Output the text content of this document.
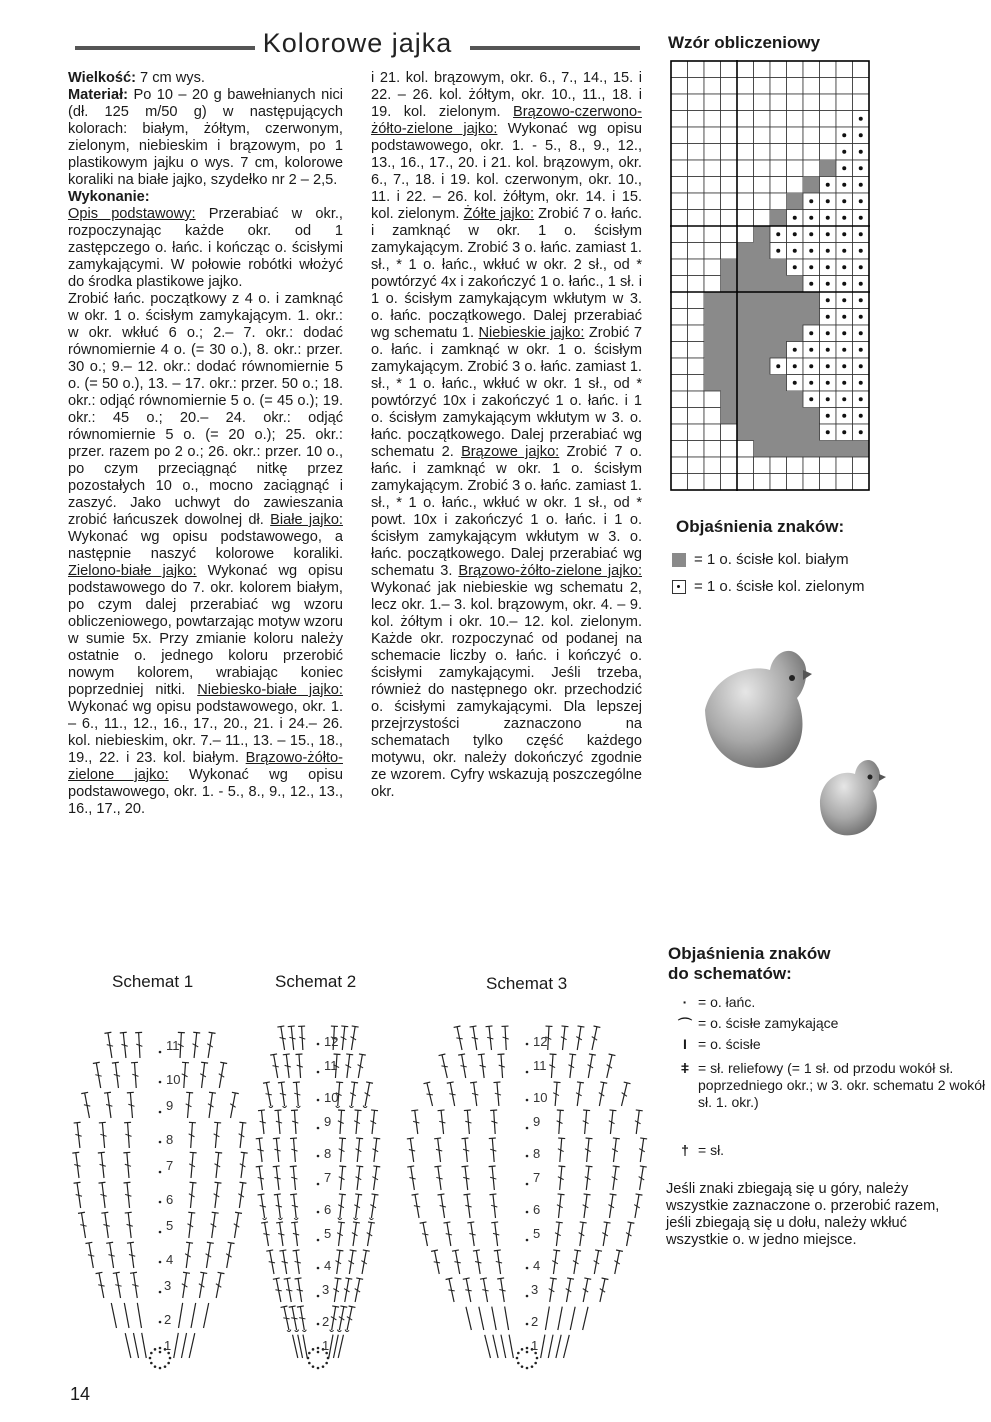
Kolorowe jajka

Wielkość: 7 cm wys.

Materiał: Po 10 – 20 g bawełnianych nici (dł. 125 m/50 g) w następujących kolorach: białym, żółtym, czerwonym, zielonym, niebieskim i brązowym, po 1 plastikowym jajku o wys. 7 cm, kolorowe koraliki na białe jajko, szydełko nr 2 – 2,5.

Wykonanie:

Opis podstawowy: Przerabiać w okr., rozpoczynając każde okr. od 1 zastępczego o. łańc. i kończąc o. ścisłymi zamykającymi. W połowie robótki włożyć do środka plastikowe jajko.

Zrobić łańc. początkowy z 4 o. i zamknąć w okr. 1 o. ścisłym zamykającym. 1. okr.: w okr. wkłuć 6 o.; 2.– 7. okr.: dodać równomiernie 4 o. (= 30 o.), 8. okr.: przer. 30 o.; 9.– 12. okr.: dodać równomiernie 5 o. (= 50 o.), 13. – 17. okr.: przer. 50 o.; 18. okr.: odjąć równomiernie 5 o. (= 45 o.); 19. okr.: 45 o.; 20.– 24. okr.: odjąć równomiernie 5 o. (= 20 o.); 25. okr.: przer. razem po 2 o.; 26. okr.: przer. 10 o., po czym przeciągnąć nitkę przez pozostałych 10 o., mocno zaciągnąć i zaszyć. Jako uchwyt do zawieszania zrobić łańcuszek dowolnej dł. Białe jajko: Wykonać wg opisu podstawowego, a następnie naszyć kolorowe koraliki. Zielono-białe jajko: Wykonać wg opisu podstawowego do 7. okr. kolorem białym, po czym dalej przerabiać wg wzoru obliczeniowego, powtarzając motyw wzoru w sumie 5x. Przy zmianie koloru należy ostatnie o. jednego koloru przerobić nowym kolorem, wrabiając koniec poprzedniej nitki. Niebiesko-białe jajko: Wykonać wg opisu podstawowego, okr. 1. – 6., 11., 12., 16., 17., 20., 21. i 24.– 26. kol. niebieskim, okr. 7.– 11., 13. – 15., 18., 19., 22. i 23. kol. białym. Brązowo-żółto-zielone jajko: Wykonać wg opisu podstawowego, okr. 1. - 5., 8., 9., 12., 13., 16., 17., 20.

i 21. kol. brązowym, okr. 6., 7., 14., 15. i 22. – 26. kol. żółtym, okr. 10., 11., 18. i 19. kol. zielonym. Brązowo-czerwono-żółto-zielone jajko: Wykonać wg opisu podstawowego, okr. 1. - 5., 8., 9., 12., 13., 16., 17., 20. i 21. kol. brązowym, okr. 6., 7., 18. i 19. kol. czerwonym, okr. 10., 11. i 22. – 26. kol. żółtym, okr. 14. i 15. kol. zielonym. Żółte jajko: Zrobić 7 o. łańc. i zamknąć w okr. 1 o. ścisłym zamykającym. Zrobić 3 o. łańc. zamiast 1. sł., * 1 o. łańc., wkłuć w okr. 2 sł., od * powtórzyć 4x i zakończyć 1 o. łańc., 1 sł. i 1 o. ścisłym zamykającym wkłutym w 3. o. łańc. początkowego. Dalej przerabiać wg schematu 1. Niebieskie jajko: Zrobić 7 o. łańc. i zamknąć w okr. 1 o. ścisłym zamykającym. Zrobić 3 o. łańc. zamiast 1. sł., * 1 o. łańc., wkłuć w okr. 1 sł., od * powtórzyć 10x i zakończyć 1 o. łańc. i 1 o. ścisłym zamykającym wkłutym w 3. o. łańc. początkowego. Dalej przerabiać wg schematu 2. Brązowe jajko: Zrobić 7 o. łańc. i zamknąć w okr. 1 o. ścisłym zamykającym. Zrobić 3 o. łańc. zamiast 1. sł., * 1 o. łańc., wkłuć w okr. 1 sł., od * powt. 10x i zakończyć 1 o. łańc. i 1 o. ścisłym zamykającym wkłutym w 3. o. łańc. początkowego. Dalej przerabiać wg schematu 3. Brązowo-żółto-zielone jajko: Wykonać jak niebieskie wg schematu 2, lecz okr. 1.– 3. kol. brązowym, okr. 4. – 9. kol. żółtym i okr. 10.– 12. kol. zielonym. Każde okr. rozpoczynać od podanej na schemacie liczby o. łańc. i kończyć o. ścisłymi zamykającymi. Jeśli trzeba, również do następnego okr. przechodzić o. ścisłymi zamykającymi. Dla lepszej przejrzystości zaznaczono na schematach tylko część każdego motywu, okr. należy dokończyć zgodnie ze wzorem. Cyfry wskazują poszczególne okr.

Wzór obliczeniowy
Objaśnienia znaków:
= 1 o. ścisłe kol. białym
= 1 o. ścisłe kol. zielonym
Objaśnienia znaków
do schematów:
· = o. łańc.
⌒ = o. ścisłe zamykające
I = o. ścisłe
ǂ = sł. reliefowy (= 1 sł. od przodu wokół sł. poprzedniego okr.; w 3. okr. schematu 2 wokół sł. 1. okr.)
† = sł.
Jeśli znaki zbiegają się u góry, należy wszystkie zaznaczone o. przerobić razem, jeśli zbiegają się u dołu, należy wkłuć wszystkie o. w jedno miejsce.
Schemat 1	Schemat 2	Schemat 3
1
2
3
4
5
6
7
8
9
10
11
1
2
3
4
5
6
7
8
9
10
11
12
1
2
3
4
5
6
7
8
9
10
11
12
14
